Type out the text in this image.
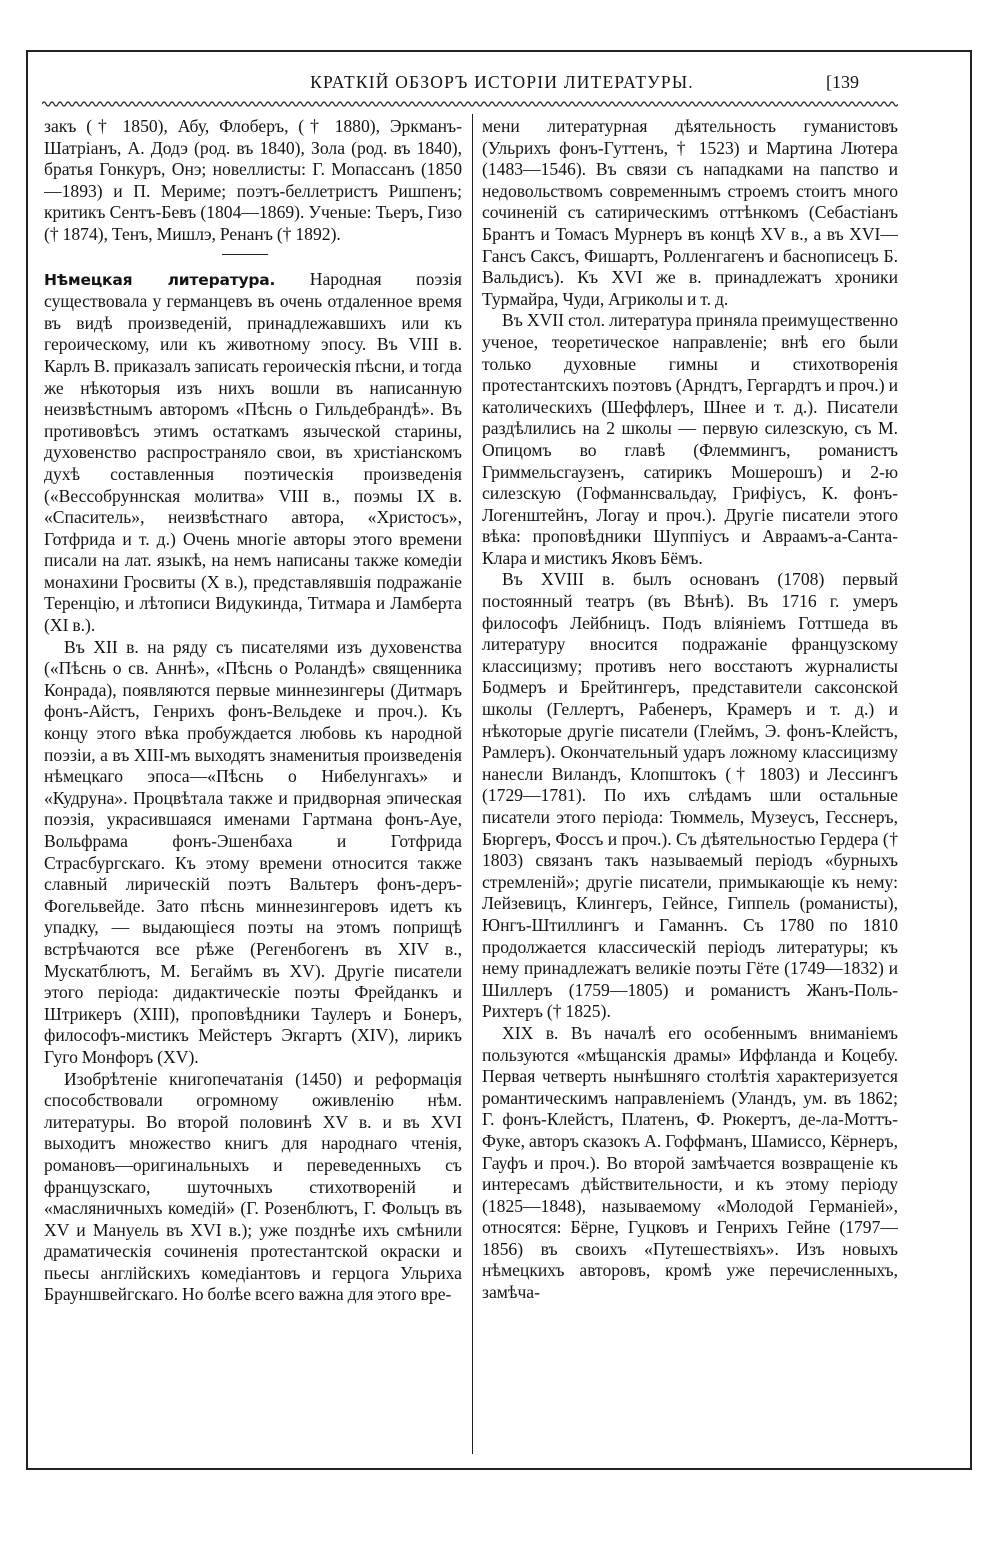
КРАТКІЙ ОБЗОРЪ ИСТОРІИ ЛИТЕРАТУРЫ.	[139

закъ († 1850), Абу, Флоберъ, († 1880), Эркманъ-Шатріанъ, А. Додэ (род. въ 1840), Зола (род. въ 1840), братья Гонкуръ, Онэ; новеллисты: Г. Мопассанъ (1850—1893) и П. Мериме; поэтъ-беллетристъ Ришпенъ; критикъ Сентъ-Бевъ (1804—1869). Ученые: Тьеръ, Гизо († 1874), Тенъ, Мишлэ, Ренанъ († 1892).

Нѣмецкая литература. Народная поэзія существовала у германцевъ въ очень отдаленное время въ видѣ произведеній, принадлежавшихъ или къ героическому, или къ животному эпосу. Въ VIII в. Карлъ В. приказалъ записать героическія пѣсни, и тогда же нѣкоторыя изъ нихъ вошли въ написанную неизвѣстнымъ авторомъ «Пѣснь о Гильдебрандѣ». Въ противовѣсъ этимъ остаткамъ языческой старины, духовенство распространяло свои, въ христіанскомъ духѣ составленныя поэтическія произведенія («Вессобруннская молитва» VIII в., поэмы IX в. «Спаситель», неизвѣстнаго автора, «Христосъ», Готфрида и т. д.) Очень многіе авторы этого времени писали на лат. языкѣ, на немъ написаны также комедіи монахини Гросвиты (X в.), представлявшія подражаніе Теренцію, и лѣтописи Видукинда, Титмара и Ламберта (XI в.).

Въ XII в. на ряду съ писателями изъ духовенства («Пѣснь о св. Аннѣ», «Пѣснь о Роландѣ» священника Конрада), появляются первые миннезингеры (Дитмаръ фонъ-Айстъ, Генрихъ фонъ-Вельдеке и проч.). Къ концу этого вѣка пробуждается любовь къ народной поэзіи, а въ XIII-мъ выходятъ знаменитыя произведенія нѣмецкаго эпоса—«Пѣснь о Нибелунгахъ» и «Кудруна». Процвѣтала также и придворная эпическая поэзія, украсившаяся именами Гартмана фонъ-Ауе, Вольфрама фонъ-Эшенбаха и Готфрида Страсбургскаго. Къ этому времени относится также славный лирическій поэтъ Вальтеръ фонъ-деръ-Фогельвейде. Зато пѣснь миннезингеровъ идетъ къ упадку, — выдающіеся поэты на этомъ поприщѣ встрѣчаются все рѣже (Регенбогенъ въ XIV в., Мускатблютъ, М. Бегаймъ въ XV). Другіе писатели этого періода: дидактическіе поэты Фрейданкъ и Штрикеръ (XIII), проповѣдники Таулеръ и Бонеръ, философъ-мистикъ Мейстеръ Экгартъ (XIV), лирикъ Гуго Монфоръ (XV).

Изобрѣтеніе книгопечатанія (1450) и реформація способствовали огромному оживленію нѣм. литературы. Во второй половинѣ XV в. и въ XVI выходитъ множество книгъ для народнаго чтенія, романовъ—оригинальныхъ и переведенныхъ съ французскаго, шуточныхъ стихотвореній и «масляничныхъ комедій» (Г. Розенблютъ, Г. Фольцъ въ XV и Мануель въ XVI в.); уже позднѣе ихъ смѣнили драматическія сочиненія протестантской окраски и пьесы англійскихъ комедіантовъ и герцога Ульриха Брауншвейгскаго. Но болѣе всего важна для этого вре-

мени литературная дѣятельность гуманистовъ (Ульрихъ фонъ-Гуттенъ, † 1523) и Мартина Лютера (1483—1546). Въ связи съ нападками на папство и недовольствомъ современнымъ строемъ стоитъ много сочиненій съ сатирическимъ оттѣнкомъ (Себастіанъ Брантъ и Томасъ Мурнеръ въ концѣ XV в., а въ XVI—Гансъ Саксъ, Фишартъ, Ролленгагенъ и баснописецъ Б. Вальдисъ). Къ XVI же в. принадлежатъ хроники Турмайра, Чуди, Агриколы и т. д.

Въ XVII стол. литература приняла преимущественно ученое, теоретическое направленіе; внѣ его были только духовные гимны и стихотворенія протестантскихъ поэтовъ (Арндтъ, Гергардтъ и проч.) и католическихъ (Шеффлеръ, Шнее и т. д.). Писатели раздѣлились на 2 школы — первую силезскую, съ М. Опицомъ во главѣ (Флеммингъ, романистъ Гриммельсгаузенъ, сатирикъ Мошерошъ) и 2-ю силезскую (Гофманнсвальдау, Грифіусъ, К. фонъ-Логенштейнъ, Логау и проч.). Другіе писатели этого вѣка: проповѣдники Шуппіусъ и Авраамъ-а-Санта-Клара и мистикъ Яковъ Бёмъ.

Въ XVIII в. былъ основанъ (1708) первый постоянный театръ (въ Вѣнѣ). Въ 1716 г. умеръ философъ Лейбницъ. Подъ вліяніемъ Готтшеда въ литературу вносится подражаніе французскому классицизму; противъ него восстаютъ журналисты Бодмеръ и Брейтингеръ, представители саксонской школы (Геллертъ, Рабенеръ, Крамеръ и т. д.) и нѣкоторые другіе писатели (Глеймъ, Э. фонъ-Клейстъ, Рамлеръ). Окончательный ударъ ложному классицизму нанесли Виландъ, Клопштокъ († 1803) и Лессингъ (1729—1781). По ихъ слѣдамъ шли остальные писатели этого періода: Тюммель, Музеусъ, Гесснеръ, Бюргеръ, Фоссъ и проч.). Съ дѣятельностью Гердера († 1803) связанъ такъ называемый періодъ «бурныхъ стремленій»; другіе писатели, примыкающіе къ нему: Лейзевицъ, Клингеръ, Гейнсе, Гиппель (романисты), Юнгъ-Штиллингъ и Гаманнъ. Съ 1780 по 1810 продолжается классическій періодъ литературы; къ нему принадлежатъ великіе поэты Гёте (1749—1832) и Шиллеръ (1759—1805) и романистъ Жанъ-Поль-Рихтеръ († 1825).

XIX в. Въ началѣ его особеннымъ вниманіемъ пользуются «мѣщанскія драмы» Иффланда и Коцебу. Первая четверть нынѣшняго столѣтія характеризуется романтическимъ направленіемъ (Уландъ, ум. въ 1862; Г. фонъ-Клейстъ, Платенъ, Ф. Рюкертъ, де-ла-Моттъ-Фуке, авторъ сказокъ А. Гоффманъ, Шамиссо, Кёрнеръ, Гауфъ и проч.). Во второй замѣчается возвращеніе къ интересамъ дѣйствительности, и къ этому періоду (1825—1848), называемому «Молодой Германіей», относятся: Бёрне, Гуцковъ и Генрихъ Гейне (1797—1856) въ своихъ «Путешествіяхъ». Изъ новыхъ нѣмецкихъ авторовъ, кромѣ уже перечисленныхъ, замѣча-
